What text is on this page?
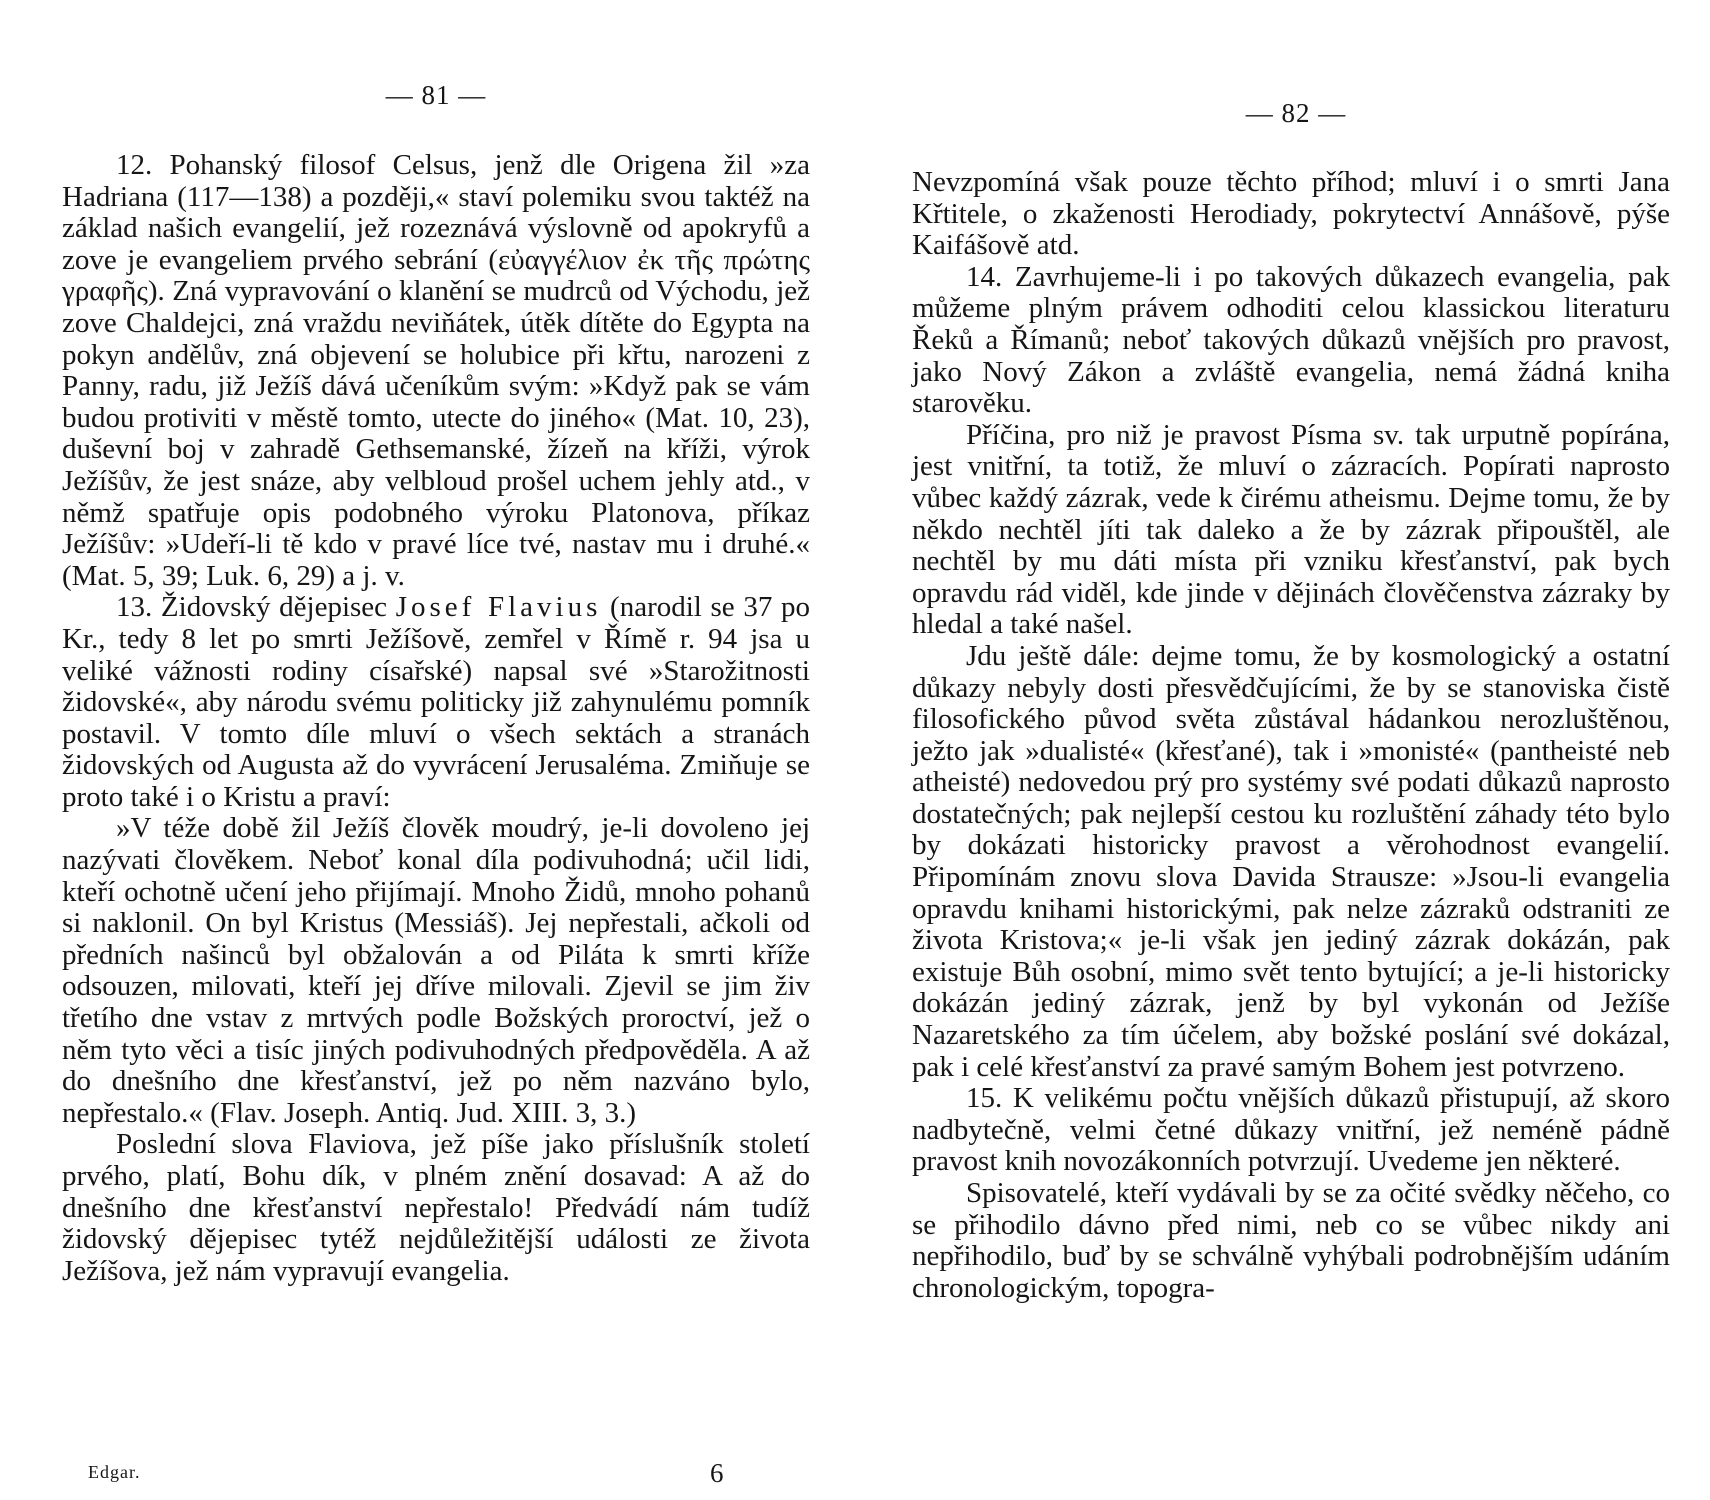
— 81 —

12. Pohanský filosof Celsus, jenž dle Origena žil »za Hadriana (117—138) a později,« staví polemiku svou taktéž na základ našich evangelií, jež rozeznává výslovně od apokryfů a zove je evangeliem prvého sebrání (εὐαγγέλιον ἐκ τῆς πρώτης γραφῆς). Zná vypravování o klanění se mudrců od Východu, jež zove Chaldejci, zná vraždu neviňátek, útěk dítěte do Egypta na pokyn andělův, zná objevení se holubice při křtu, narozeni z Panny, radu, již Ježíš dává učeníkům svým: »Když pak se vám budou protiviti v městě tomto, utecte do jiného« (Mat. 10, 23), duševní boj v zahradě Gethsemanské, žízeň na kříži, výrok Ježíšův, že jest snáze, aby velbloud prošel uchem jehly atd., v němž spatřuje opis podobného výroku Platonova, příkaz Ježíšův: »Udeří-li tě kdo v pravé líce tvé, nastav mu i druhé.« (Mat. 5, 39; Luk. 6, 29) a j. v.

13. Židovský dějepisec Josef Flavius (narodil se 37 po Kr., tedy 8 let po smrti Ježíšově, zemřel v Římě r. 94 jsa u veliké vážnosti rodiny císařské) napsal své »Starožitnosti židovské«, aby národu svému politicky již zahynulému pomník postavil. V tomto díle mluví o všech sektách a stranách židovských od Augusta až do vyvrácení Jerusaléma. Zmiňuje se proto také i o Kristu a praví:

»V téže době žil Ježíš člověk moudrý, je-li dovoleno jej nazývati člověkem. Neboť konal díla podivuhodná; učil lidi, kteří ochotně učení jeho přijímají. Mnoho Židů, mnoho pohanů si naklonil. On byl Kristus (Messiáš). Jej nepřestali, ačkoli od předních našinců byl obžalován a od Piláta k smrti kříže odsouzen, milovati, kteří jej dříve milovali. Zjevil se jim živ třetího dne vstav z mrtvých podle Božských proroctví, jež o něm tyto věci a tisíc jiných podivuhodných předpověděla. A až do dnešního dne křesťanství, jež po něm nazváno bylo, nepřestalo.« (Flav. Joseph. Antiq. Jud. XIII. 3, 3.)

Poslední slova Flaviova, jež píše jako příslušník století prvého, platí, Bohu dík, v plném znění dosavad: A až do dnešního dne křesťanství nepřestalo! Předvádí nám tudíž židovský dějepisec tytéž nejdůležitější události ze života Ježíšova, jež nám vypravují evangelia.

Edgar.	6
— 82 —

Nevzpomíná však pouze těchto příhod; mluví i o smrti Jana Křtitele, o zkaženosti Herodiady, pokrytectví Annášově, pýše Kaifášově atd.

14. Zavrhujeme-li i po takových důkazech evangelia, pak můžeme plným právem odhoditi celou klassickou literaturu Řeků a Římanů; neboť takových důkazů vnějších pro pravost, jako Nový Zákon a zvláště evangelia, nemá žádná kniha starověku.

Příčina, pro niž je pravost Písma sv. tak urputně popírána, jest vnitřní, ta totiž, že mluví o zázracích. Popírati naprosto vůbec každý zázrak, vede k čirému atheismu. Dejme tomu, že by někdo nechtěl jíti tak daleko a že by zázrak připouštěl, ale nechtěl by mu dáti místa při vzniku křesťanství, pak bych opravdu rád viděl, kde jinde v dějinách člověčenstva zázraky by hledal a také našel.

Jdu ještě dále: dejme tomu, že by kosmologický a ostatní důkazy nebyly dosti přesvědčujícími, že by se stanoviska čistě filosofického původ světa zůstával hádankou nerozluštěnou, ježto jak »dualisté« (křesťané), tak i »monisté« (pantheisté neb atheisté) nedovedou prý pro systémy své podati důkazů naprosto dostatečných; pak nejlepší cestou ku rozluštění záhady této bylo by dokázati historicky pravost a věrohodnost evangelií. Připomínám znovu slova Davida Strausze: »Jsou-li evangelia opravdu knihami historickými, pak nelze zázraků odstraniti ze života Kristova;« je-li však jen jediný zázrak dokázán, pak existuje Bůh osobní, mimo svět tento bytující; a je-li historicky dokázán jediný zázrak, jenž by byl vykonán od Ježíše Nazaretského za tím účelem, aby božské poslání své dokázal, pak i celé křesťanství za pravé samým Bohem jest potvrzeno.

15. K velikému počtu vnějších důkazů přistupují, až skoro nadbytečně, velmi četné důkazy vnitřní, jež neméně pádně pravost knih novozákonních potvrzují. Uvedeme jen některé.

Spisovatelé, kteří vydávali by se za očité svědky něčeho, co se přihodilo dávno před nimi, neb co se vůbec nikdy ani nepřihodilo, buď by se schválně vyhýbali podrobnějším udáním chronologickým, topogra-
